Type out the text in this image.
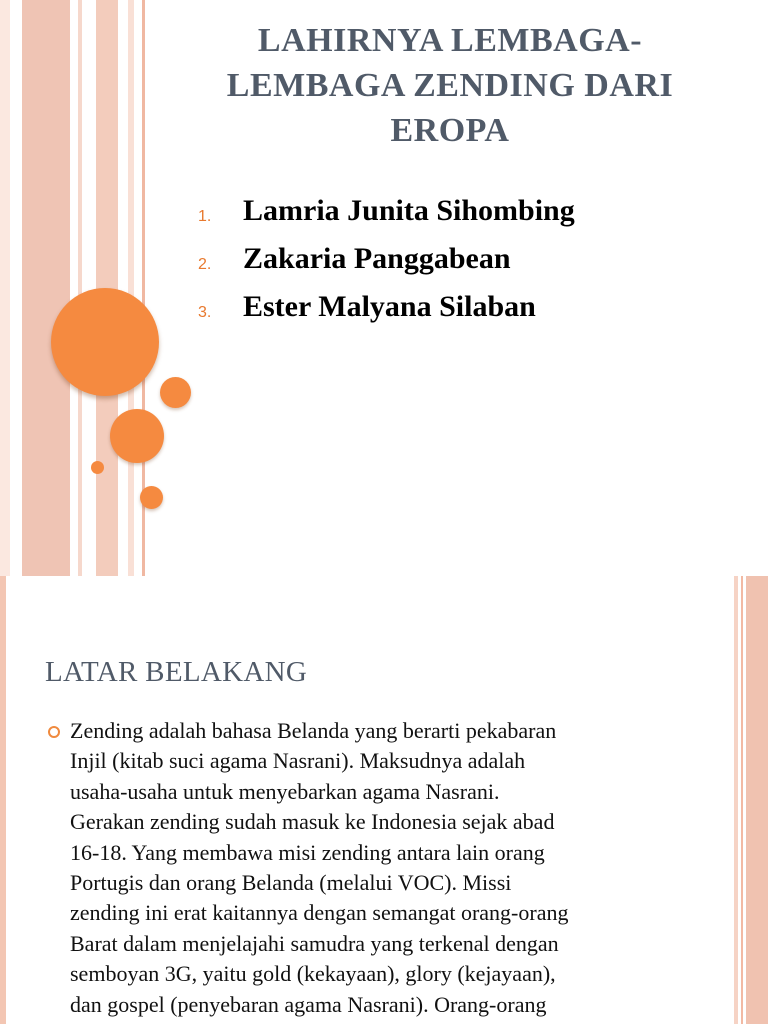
LAHIRNYA LEMBAGA-
LEMBAGA ZENDING DARI
EROPA
1. Lamria Junita Sihombing
2. Zakaria Panggabean
3. Ester Malyana Silaban
LATAR BELAKANG

Zending adalah bahasa Belanda yang berarti pekabaran
Injil (kitab suci agama Nasrani). Maksudnya adalah
usaha-usaha untuk menyebarkan agama Nasrani.
Gerakan zending sudah masuk ke Indonesia sejak abad
16-18. Yang membawa misi zending antara lain orang
Portugis dan orang Belanda (melalui VOC). Missi
zending ini erat kaitannya dengan semangat orang-orang
Barat dalam menjelajahi samudra yang terkenal dengan
semboyan 3G, yaitu gold (kekayaan), glory (kejayaan),
dan gospel (penyebaran agama Nasrani). Orang-orang
